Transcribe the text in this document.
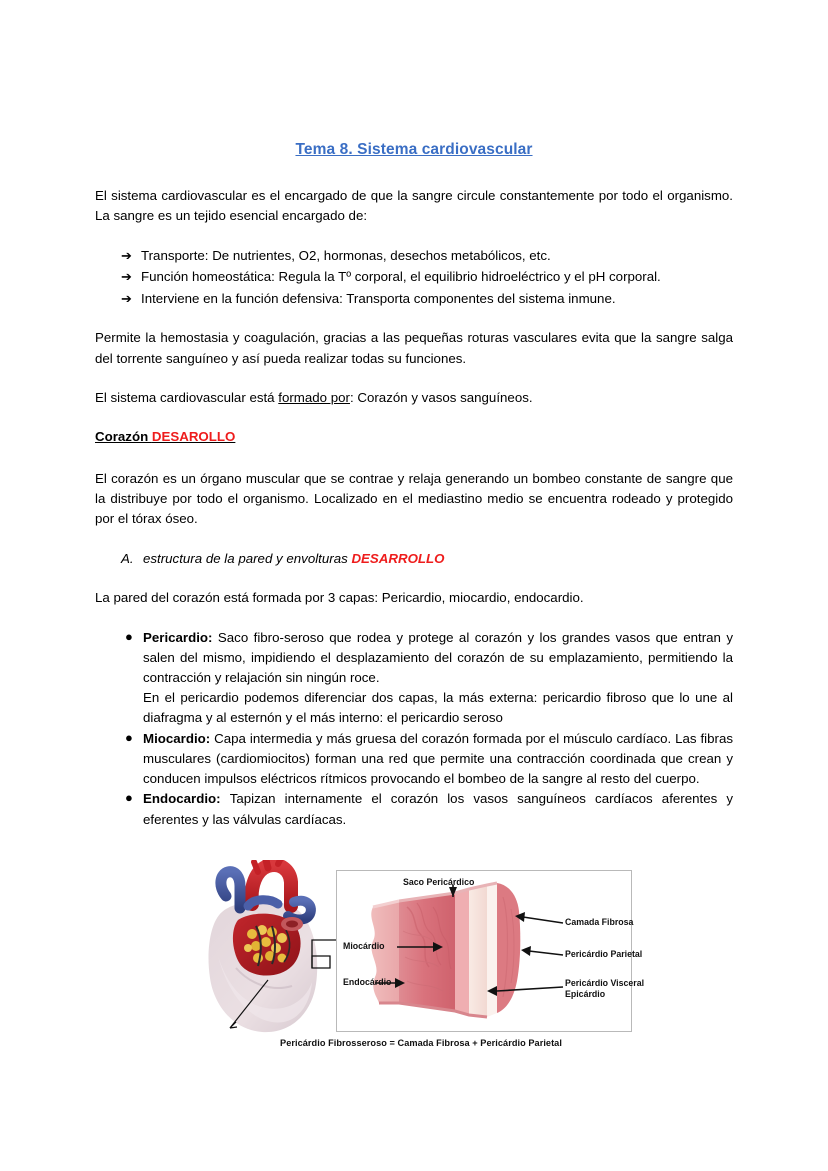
Tema 8. Sistema cardiovascular

El sistema cardiovascular es el encargado de que la sangre circule constantemente por todo el organismo. La sangre es un tejido esencial encargado de:

➔ Transporte: De nutrientes, O2, hormonas, desechos metabólicos, etc.
➔ Función homeostática: Regula la Tº corporal, el equilibrio hidroeléctrico y el pH corporal.
➔ Interviene en la función defensiva: Transporta componentes del sistema inmune.

Permite la hemostasia y coagulación, gracias a las pequeñas roturas vasculares evita que la sangre salga del torrente sanguíneo y así pueda realizar todas su funciones.

El sistema cardiovascular está formado por: Corazón y vasos sanguíneos.

Corazón DESAROLLO

El corazón es un órgano muscular que se contrae y relaja generando un bombeo constante de sangre que la distribuye por todo el organismo. Localizado en el mediastino medio se encuentra rodeado y protegido por el tórax óseo.

A. estructura de la pared y envolturas DESARROLLO

La pared del corazón está formada por 3 capas: Pericardio, miocardio, endocardio.

● Pericardio: Saco fibro-seroso que rodea y protege al corazón y los grandes vasos que entran y salen del mismo, impidiendo el desplazamiento del corazón de su emplazamiento, permitiendo la contracción y relajación sin ningún roce.
En el pericardio podemos diferenciar dos capas, la más externa: pericardio fibroso que lo une al diafragma y al esternón y el más interno: el pericardio seroso
● Miocardio: Capa intermedia y más gruesa del corazón formada por el músculo cardíaco. Las fibras musculares (cardiomiocitos) forman una red que permite una contracción coordinada que crean y conducen impulsos eléctricos rítmicos provocando el bombeo de la sangre al resto del cuerpo.
● Endocardio: Tapizan internamente el corazón los vasos sanguíneos cardíacos aferentes y eferentes y las válvulas cardíacas.
Saco Pericárdico
Miocárdio
Endocárdio
Camada Fibrosa
Pericárdio Parietal
Pericárdio Visceral
Epicárdio
Pericárdio Fibrosseroso = Camada Fibrosa + Pericárdio Parietal
